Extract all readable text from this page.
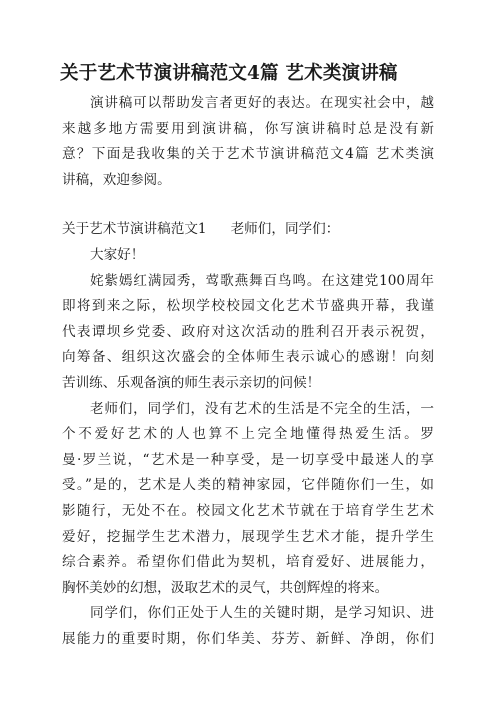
关于艺术节演讲稿范文4篇 艺术类演讲稿
演讲稿可以帮助发言者更好的表达。在现实社会中，越
来越多地方需要用到演讲稿，你写演讲稿时总是没有新
意？下面是我收集的关于艺术节演讲稿范文4篇 艺术类演
讲稿，欢迎参阅。
关于艺术节演讲稿范文1 老师们，同学们：
大家好！
姹紫嫣红满园秀，莺歌燕舞百鸟鸣。在这建党100周年
即将到来之际，松坝学校校园文化艺术节盛典开幕，我谨
代表谭坝乡党委、政府对这次活动的胜利召开表示祝贺，
向筹备、组织这次盛会的全体师生表示诚心的感谢！向刻
苦训练、乐观备演的师生表示亲切的问候！
老师们，同学们，没有艺术的生活是不完全的生活，一
个不爱好艺术的人也算不上完全地懂得热爱生活。罗
曼·罗兰说，“艺术是一种享受，是一切享受中最迷人的享
受。”是的，艺术是人类的精神家园，它伴随你们一生，如
影随行，无处不在。校园文化艺术节就在于培育学生艺术
爱好，挖掘学生艺术潜力，展现学生艺术才能，提升学生
综合素养。希望你们借此为契机，培育爱好、进展能力，
胸怀美妙的幻想，汲取艺术的灵气，共创辉煌的将来。
同学们，你们正处于人生的关键时期，是学习知识、进
展能力的重要时期，你们华美、芬芳、新鲜、净朗，你们
